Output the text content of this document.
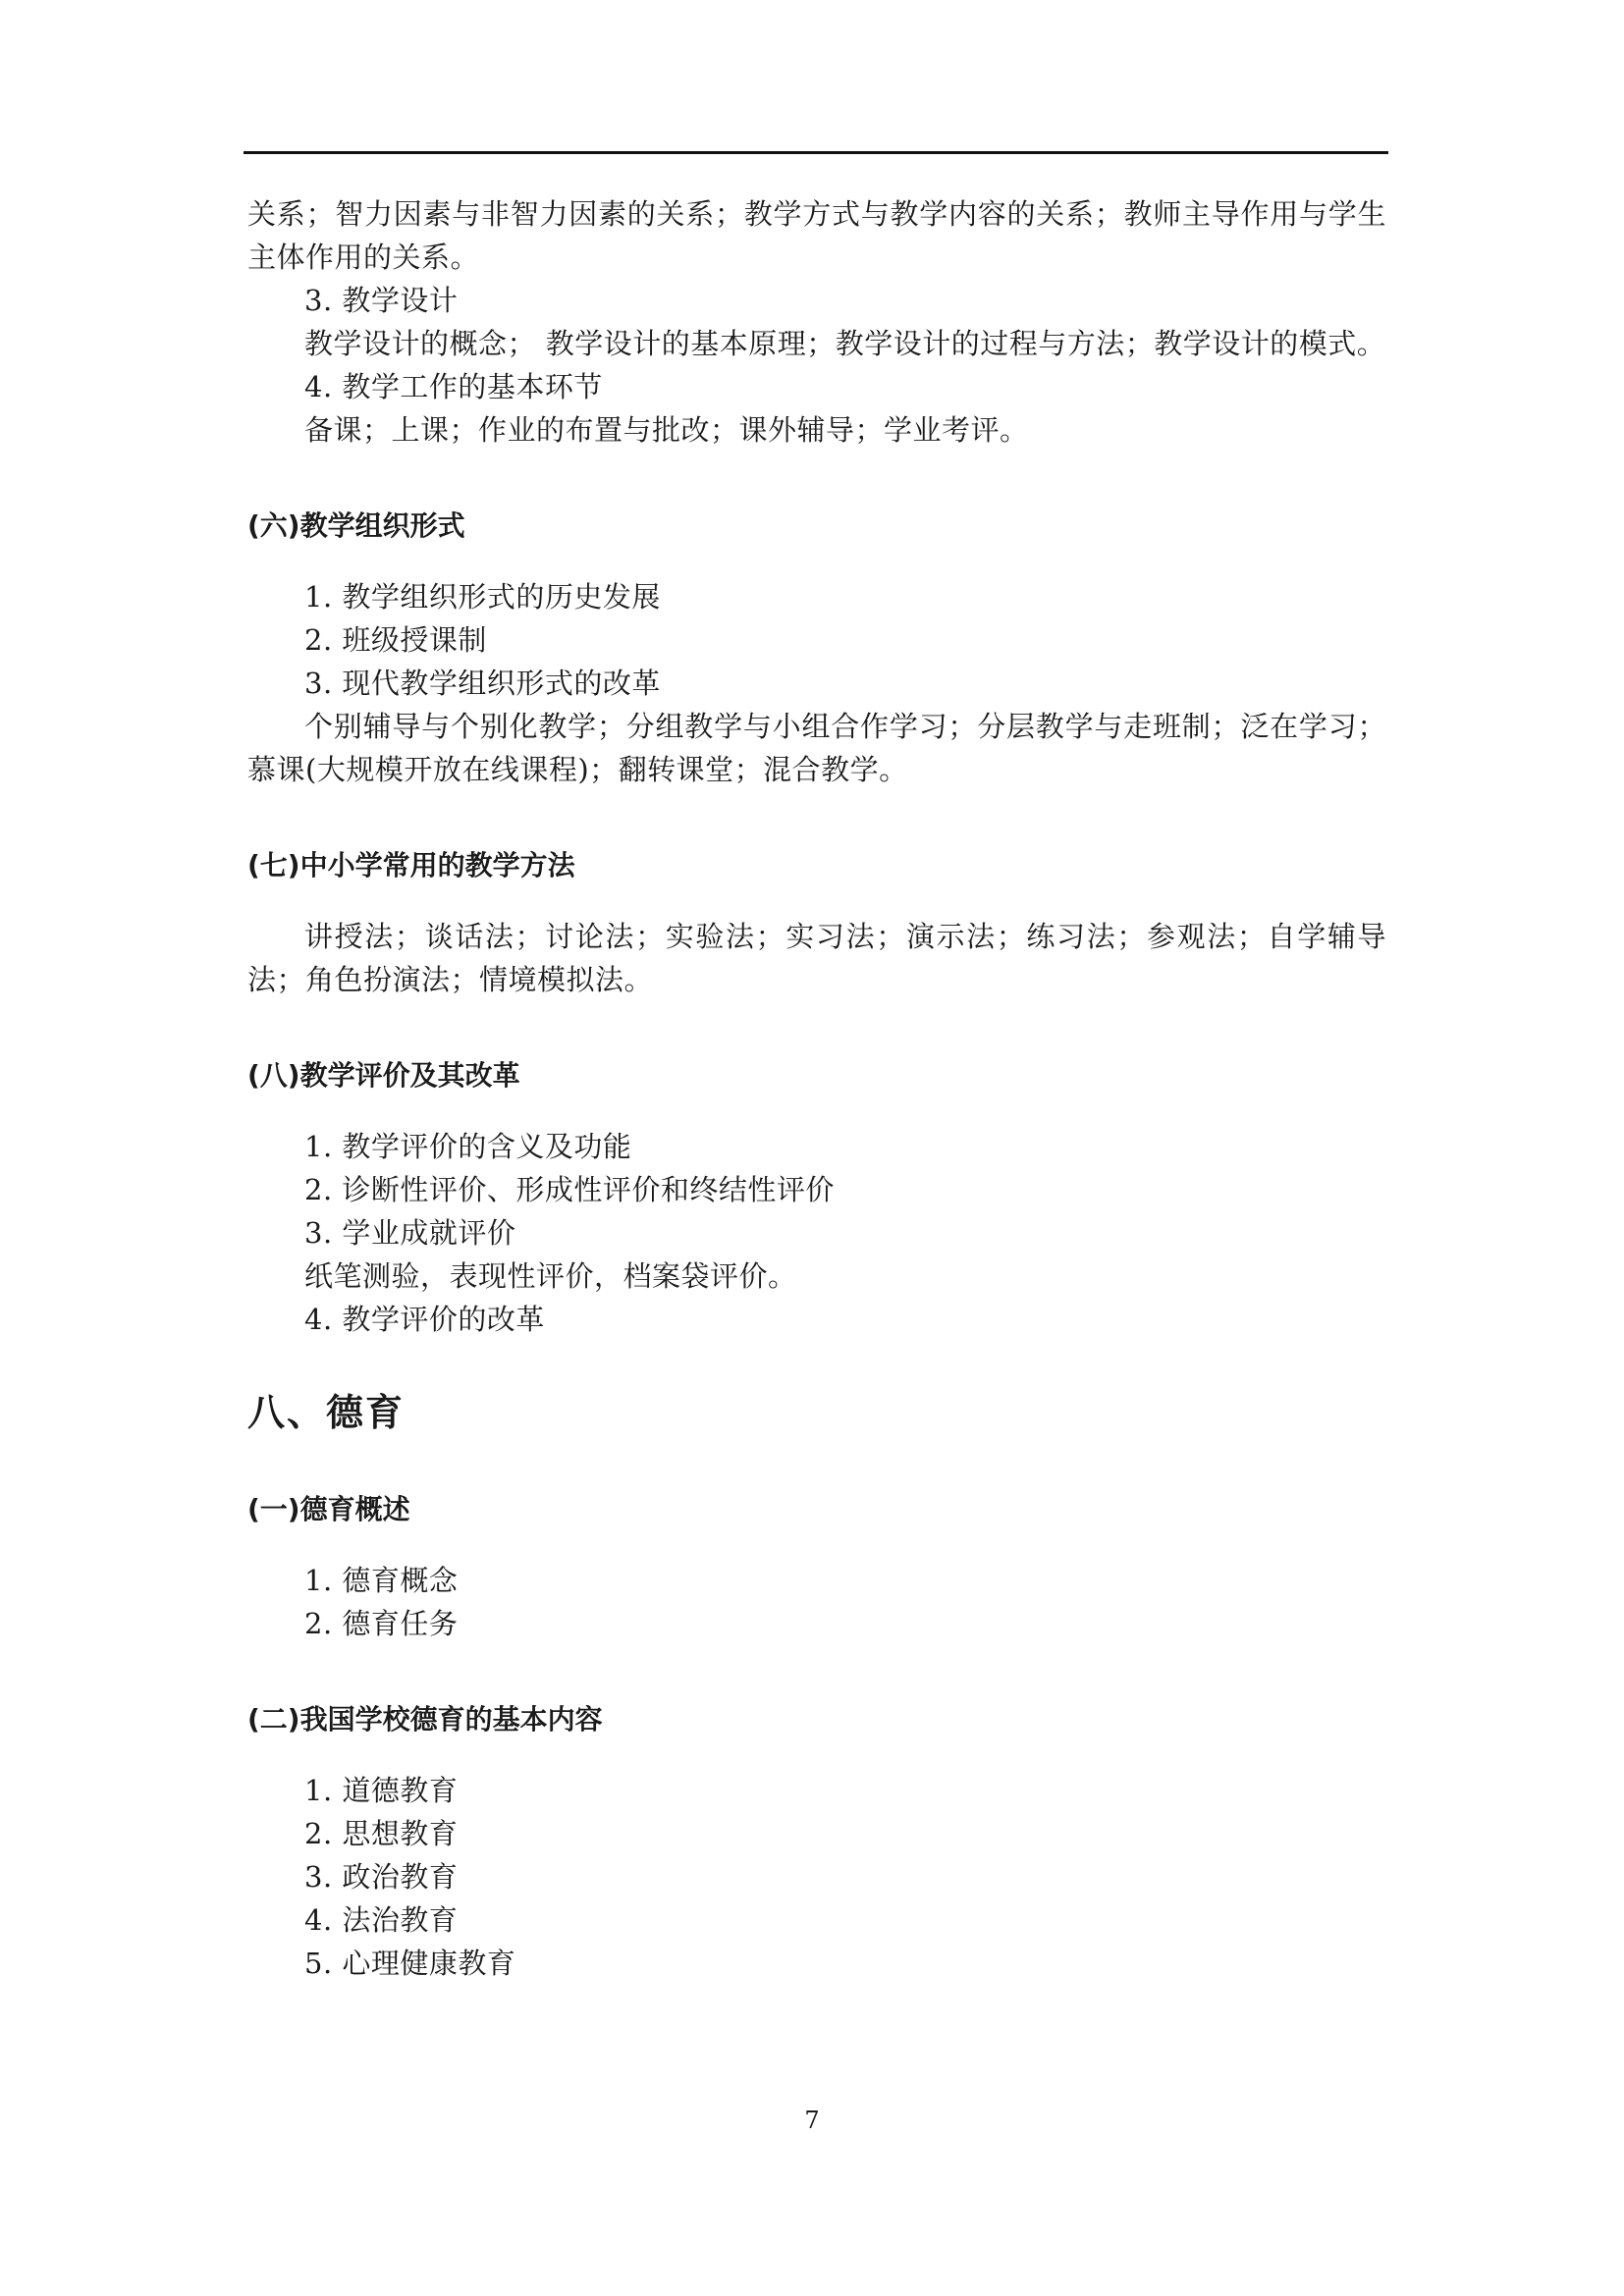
关系；智力因素与非智力因素的关系；教学方式与教学内容的关系；教师主导作用与学生主体作用的关系。
3. 教学设计
教学设计的概念； 教学设计的基本原理；教学设计的过程与方法；教学设计的模式。
4. 教学工作的基本环节
备课；上课；作业的布置与批改；课外辅导；学业考评。
(六)教学组织形式
1. 教学组织形式的历史发展
2. 班级授课制
3. 现代教学组织形式的改革
个别辅导与个别化教学；分组教学与小组合作学习；分层教学与走班制；泛在学习；慕课(大规模开放在线课程)；翻转课堂；混合教学。
(七)中小学常用的教学方法
讲授法；谈话法；讨论法；实验法；实习法；演示法；练习法；参观法；自学辅导法；角色扮演法；情境模拟法。
(八)教学评价及其改革
1. 教学评价的含义及功能
2. 诊断性评价、形成性评价和终结性评价
3. 学业成就评价
纸笔测验，表现性评价，档案袋评价。
4. 教学评价的改革
八、德育
(一)德育概述
1. 德育概念
2. 德育任务
(二)我国学校德育的基本内容
1. 道德教育
2. 思想教育
3. 政治教育
4. 法治教育
5. 心理健康教育
7
